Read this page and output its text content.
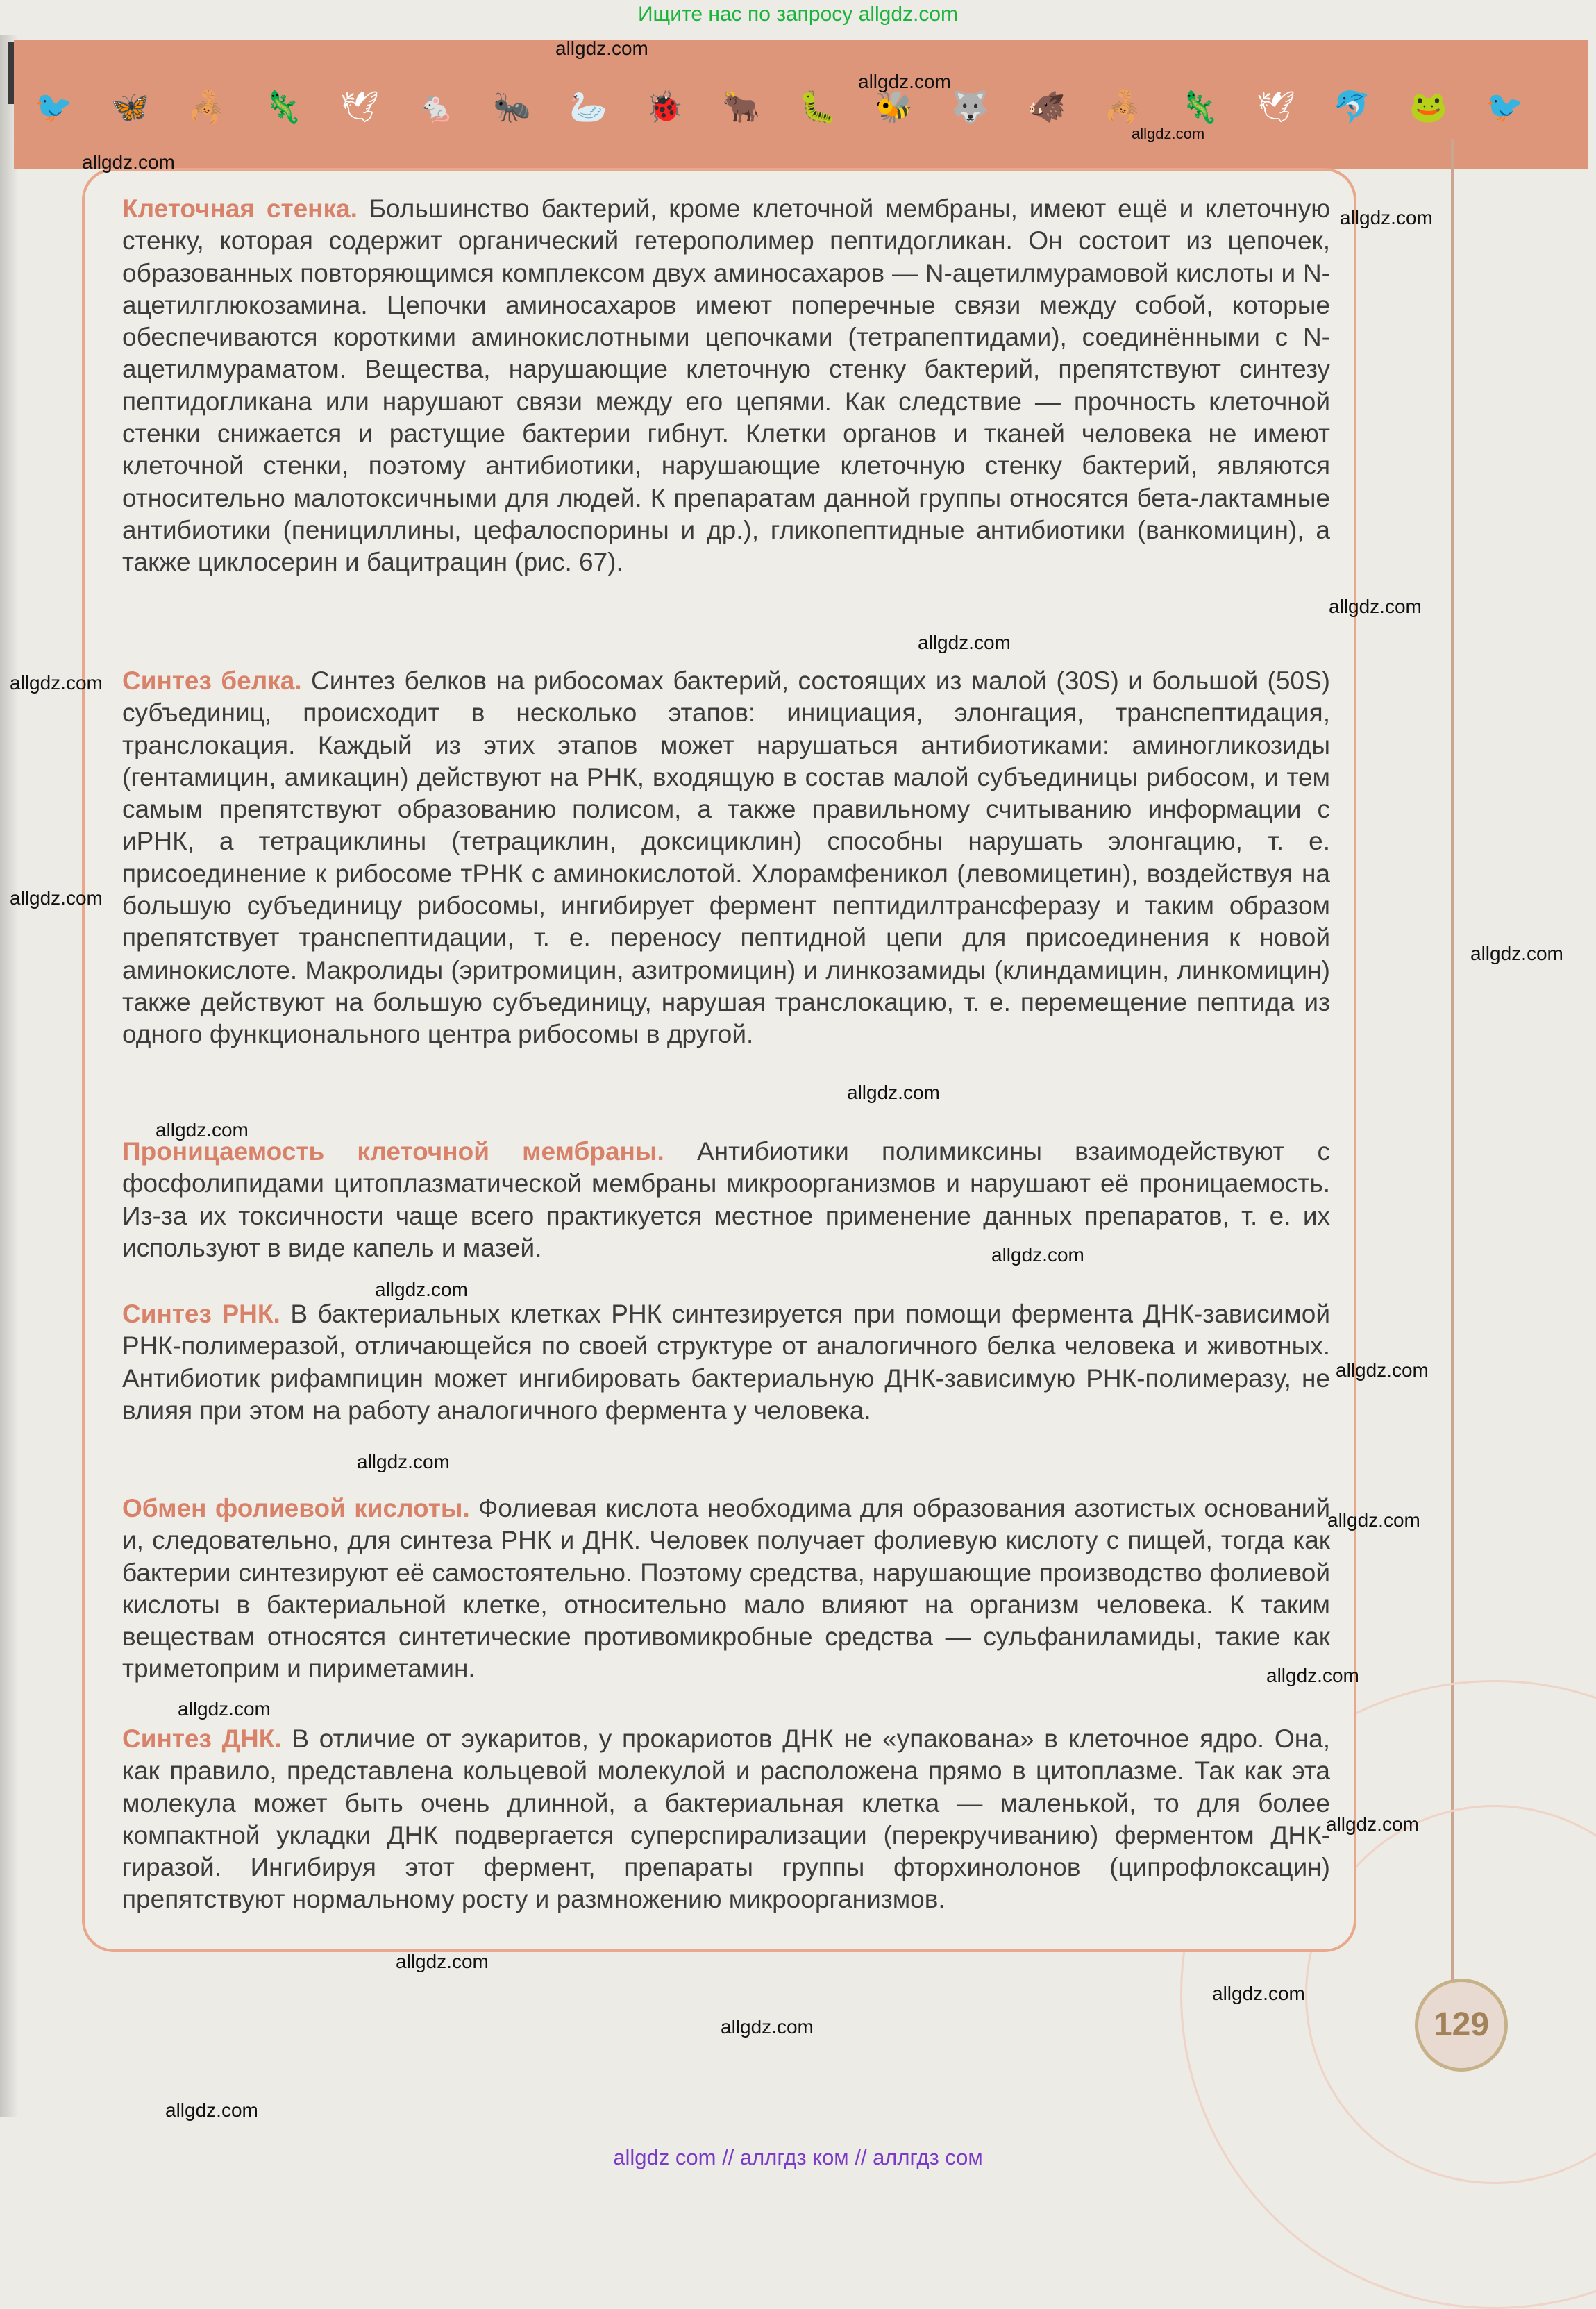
Ищите нас по запросу allgdz.com
🐦 🦋 🦂 🦎 🕊 🐁 🐜 🦢 🐞 🐂 🐛 🐝 🐺 🐗 🦂 🦎 🕊 🐬 🐸 🐦

Клеточная стенка. Большинство бактерий, кроме клеточной мембраны, имеют ещё и клеточную стенку, которая содержит органический гетерополимер пептидогликан. Он состоит из цепочек, образованных повторяющимся комплексом двух аминосахаров — N-ацетилмурамовой кислоты и N-ацетилглюкозамина. Цепочки аминосахаров имеют поперечные связи между собой, которые обеспечиваются короткими аминокислотными цепочками (тетрапептидами), соединёнными с N-ацетилмураматом. Вещества, нарушающие клеточную стенку бактерий, препятствуют синтезу пептидогликана или нарушают связи между его цепями. Как следствие — прочность клеточной стенки снижается и растущие бактерии гибнут. Клетки органов и тканей человека не имеют клеточной стенки, поэтому антибиотики, нарушающие клеточную стенку бактерий, являются относительно малотоксичными для людей. К препаратам данной группы относятся бета-лактамные антибиотики (пенициллины, цефалоспорины и др.), гликопептидные антибиотики (ванкомицин), а также циклосерин и бацитрацин (рис. 67).

Синтез белка. Синтез белков на рибосомах бактерий, состоящих из малой (30S) и большой (50S) субъединиц, происходит в несколько этапов: инициация, элонгация, транспептидация, транслокация. Каждый из этих этапов может нарушаться антибиотиками: аминогликозиды (гентамицин, амикацин) действуют на РНК, входящую в состав малой субъединицы рибосом, и тем самым препятствуют образованию полисом, а также правильному считыванию информации с иРНК, а тетрациклины (тетрациклин, доксициклин) способны нарушать элонгацию, т. е. присоединение к рибосоме тРНК с аминокислотой. Хлорамфеникол (левомицетин), воздействуя на большую субъединицу рибосомы, ингибирует фермент пептидилтрансферазу и таким образом препятствует транспептидации, т. е. переносу пептидной цепи для присоединения к новой аминокислоте. Макролиды (эритромицин, азитромицин) и линкозамиды (клиндамицин, линкомицин) также действуют на большую субъединицу, нарушая транслокацию, т. е. перемещение пептида из одного функционального центра рибосомы в другой.

Проницаемость клеточной мембраны. Антибиотики полимиксины взаимодействуют с фосфолипидами цитоплазматической мембраны микроорганизмов и нарушают её проницаемость. Из-за их токсичности чаще всего практикуется местное применение данных препаратов, т. е. их используют в виде капель и мазей.

Синтез РНК. В бактериальных клетках РНК синтезируется при помощи фермента ДНК-зависимой РНК-полимеразой, отличающейся по своей структуре от аналогичного белка человека и животных. Антибиотик рифампицин может ингибировать бактериальную ДНК-зависимую РНК-полимеразу, не влияя при этом на работу аналогичного фермента у человека.

Обмен фолиевой кислоты. Фолиевая кислота необходима для образования азотистых оснований и, следовательно, для синтеза РНК и ДНК. Человек получает фолиевую кислоту с пищей, тогда как бактерии синтезируют её самостоятельно. Поэтому средства, нарушающие производство фолиевой кислоты в бактериальной клетке, относительно мало влияют на организм человека. К таким веществам относятся синтетические противомикробные средства — сульфаниламиды, такие как триметоприм и пириметамин.

Синтез ДНК. В отличие от эукаритов, у прокариотов ДНК не «упакована» в клеточное ядро. Она, как правило, представлена кольцевой молекулой и расположена прямо в цитоплазме. Так как эта молекула может быть очень длинной, а бактериальная клетка — маленькой, то для более компактной укладки ДНК подвергается суперспирализации (перекручиванию) ферментом ДНК-гиразой. Ингибируя этот фермент, препараты группы фторхинолонов (ципрофлоксацин) препятствуют нормальному росту и размножению микроорганизмов.

allgdz.com
allgdz.com
allgdz.com
allgdz.com
allgdz.com
allgdz.com
allgdz.com
allgdz.com
allgdz.com
allgdz.com
allgdz.com
allgdz.com
allgdz.com
allgdz.com
allgdz.com
allgdz.com
allgdz.com
allgdz.com
allgdz.com
allgdz.com
allgdz.com
allgdz.com
allgdz.com
allgdz.com
129
allgdz com // аллгдз ком // аллгдз сом
